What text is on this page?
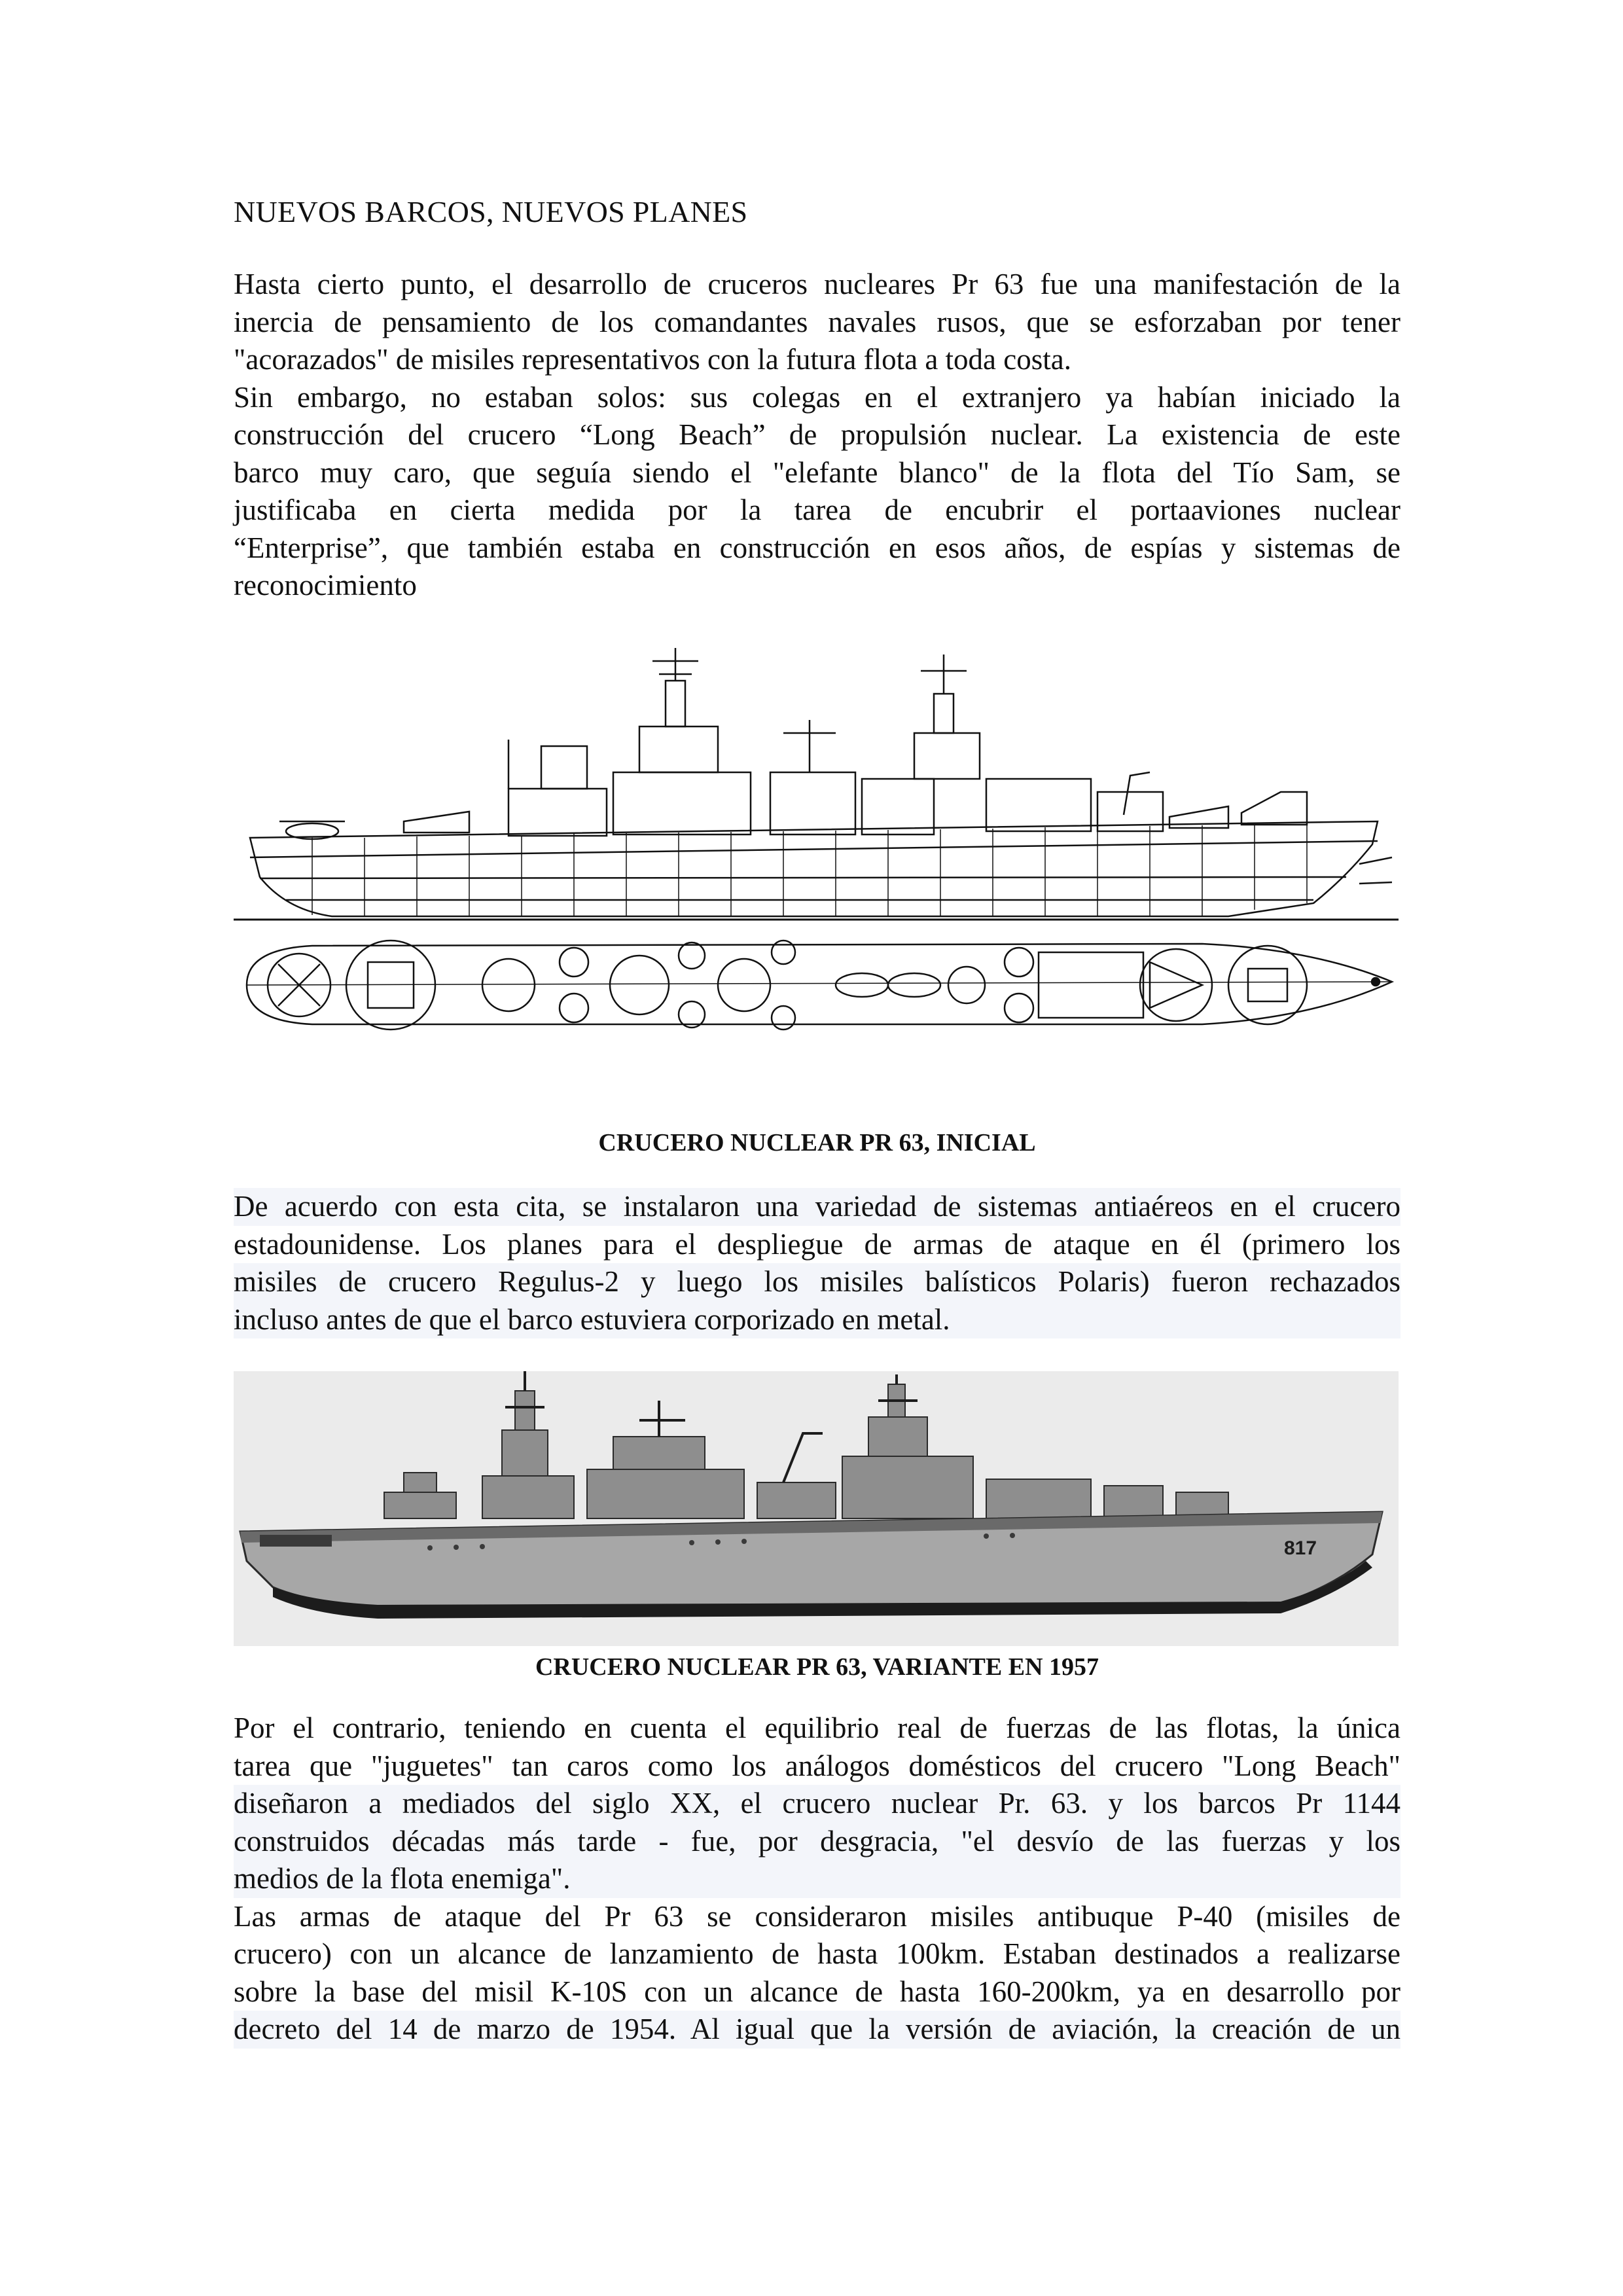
NUEVOS BARCOS, NUEVOS PLANES
Hasta cierto punto, el desarrollo de cruceros nucleares Pr 63 fue una manifestación de la
inercia de pensamiento de los comandantes navales rusos, que se esforzaban por tener
"acorazados" de misiles representativos con la futura flota a toda costa.
Sin embargo, no estaban solos: sus colegas en el extranjero ya habían iniciado la
construcción del crucero “Long Beach” de propulsión nuclear. La existencia de este
barco muy caro, que seguía siendo el "elefante blanco" de la flota del Tío Sam, se
justificaba en cierta medida por la tarea de encubrir el portaaviones nuclear
“Enterprise”, que también estaba en construcción en esos años, de espías y sistemas de
reconocimiento
CRUCERO NUCLEAR PR 63, INICIAL
De acuerdo con esta cita, se instalaron una variedad de sistemas antiaéreos en el crucero
estadounidense. Los planes para el despliegue de armas de ataque en él (primero los
misiles de crucero Regulus-2 y luego los misiles balísticos Polaris) fueron rechazados
incluso antes de que el barco estuviera corporizado en metal.
817
CRUCERO NUCLEAR PR 63, VARIANTE EN 1957
Por el contrario, teniendo en cuenta el equilibrio real de fuerzas de las flotas, la única
tarea que "juguetes" tan caros como los análogos domésticos del crucero "Long Beach"
diseñaron a mediados del siglo XX, el crucero nuclear Pr. 63. y los barcos Pr 1144
construidos décadas más tarde - fue, por desgracia, "el desvío de las fuerzas y los
medios de la flota enemiga".
Las armas de ataque del Pr 63 se consideraron misiles antibuque P-40 (misiles de
crucero) con un alcance de lanzamiento de hasta 100km. Estaban destinados a realizarse
sobre la base del misil K-10S con un alcance de hasta 160-200km, ya en desarrollo por
decreto del 14 de marzo de 1954. Al igual que la versión de aviación, la creación de un
